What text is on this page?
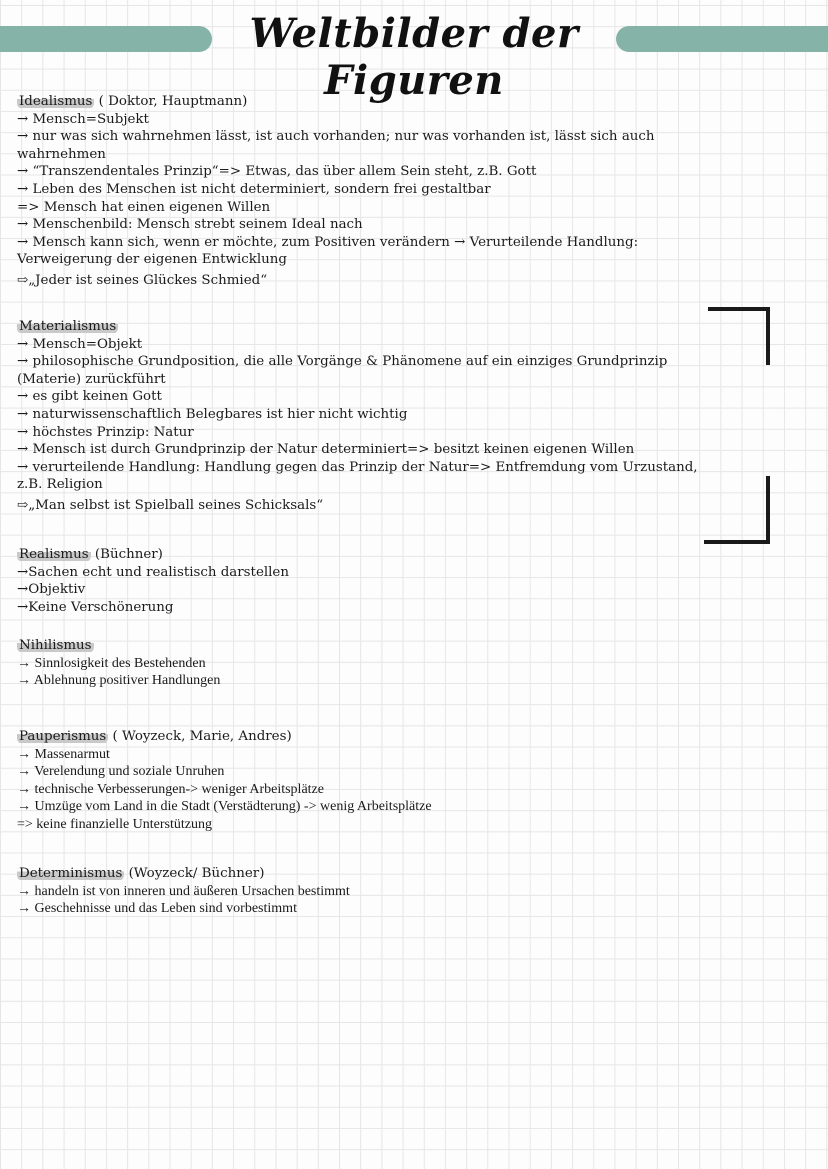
Weltbilder der Figuren
Idealismus ( Doktor, Hauptmann)
→ Mensch=Subjekt
→ nur was sich wahrnehmen lässt, ist auch vorhanden; nur was vorhanden ist, lässt sich auch wahrnehmen
→ “Transzendentales Prinzip“=> Etwas, das über allem Sein steht, z.B. Gott
→ Leben des Menschen ist nicht determiniert, sondern frei gestaltbar
=> Mensch hat einen eigenen Willen
→ Menschenbild: Mensch strebt seinem Ideal nach
→ Mensch kann sich, wenn er möchte, zum Positiven verändern → Verurteilende Handlung: Verweigerung der eigenen Entwicklung
⇨„Jeder ist seines Glückes Schmied“
Materialismus
→ Mensch=Objekt
→ philosophische Grundposition, die alle Vorgänge & Phänomene auf ein einziges Grundprinzip (Materie) zurückführt
→ es gibt keinen Gott
→ naturwissenschaftlich Belegbares ist hier nicht wichtig
→ höchstes Prinzip: Natur
→ Mensch ist durch Grundprinzip der Natur determiniert=> besitzt keinen eigenen Willen
→ verurteilende Handlung: Handlung gegen das Prinzip der Natur=> Entfremdung vom Urzustand, z.B. Religion
⇨„Man selbst ist Spielball seines Schicksals“
Realismus (Büchner)
→Sachen echt und realistisch darstellen
→Objektiv
→Keine Verschönerung
Nihilismus
→ Sinnlosigkeit des Bestehenden
→ Ablehnung positiver Handlungen
Pauperismus ( Woyzeck, Marie, Andres)
→ Massenarmut
→ Verelendung und soziale Unruhen
→ technische Verbesserungen-> weniger Arbeitsplätze
→ Umzüge vom Land in die Stadt (Verstädterung) -> wenig Arbeitsplätze
=> keine finanzielle Unterstützung
Determinismus (Woyzeck/ Büchner)
→ handeln ist von inneren und äußeren Ursachen bestimmt
→ Geschehnisse und das Leben sind vorbestimmt
